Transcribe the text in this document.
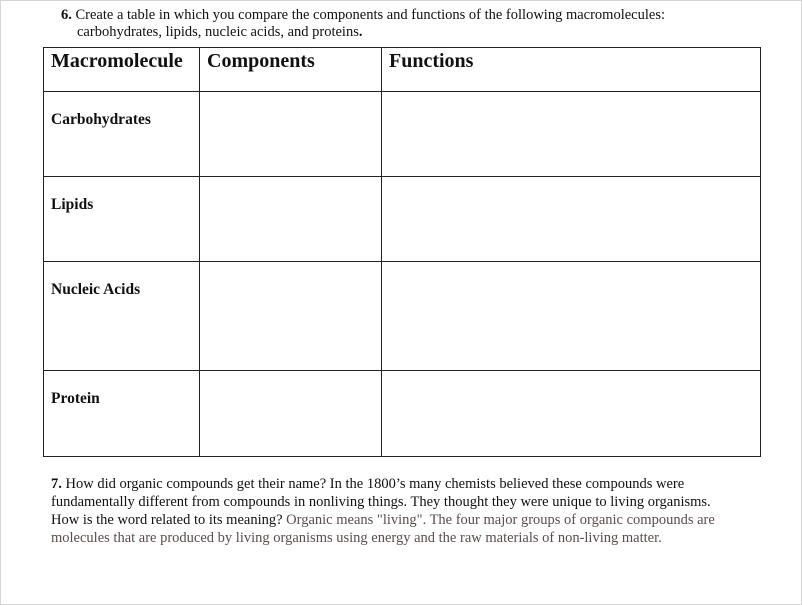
6. Create a table in which you compare the components and functions of the following macromolecules:
carbohydrates, lipids, nucleic acids, and proteins.
Macromolecule	Components	Functions
Carbohydrates		
Lipids		
Nucleic Acids		
Protein		
7. How did organic compounds get their name? In the 1800’s many chemists believed these compounds were fundamentally different from compounds in nonliving things. They thought they were unique to living organisms.
How is the word related to its meaning? Organic means "living". The four major groups of organic compounds are molecules that are produced by living organisms using energy and the raw materials of non-living matter.
